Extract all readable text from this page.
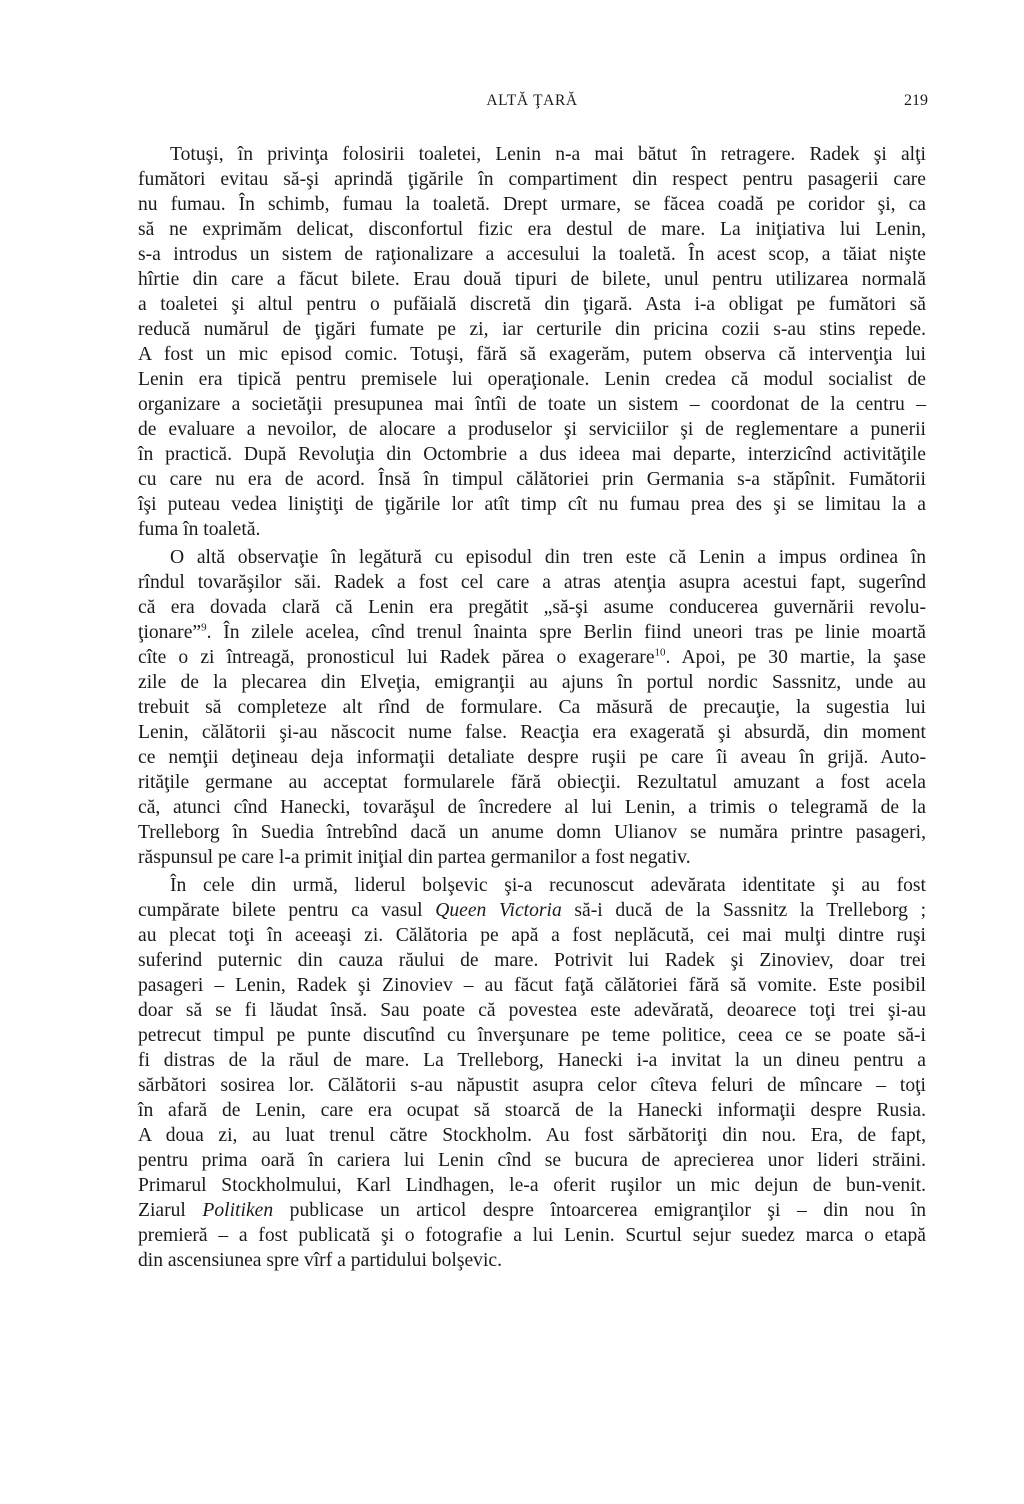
ALTĂ ŢARĂ	219
Totuşi, în privinţa folosirii toaletei, Lenin n-a mai bătut în retragere. Radek şi alţi
fumători evitau să-şi aprindă ţigările în compartiment din respect pentru pasagerii care
nu fumau. În schimb, fumau la toaletă. Drept urmare, se făcea coadă pe coridor şi, ca
să ne exprimăm delicat, disconfortul fizic era destul de mare. La iniţiativa lui Lenin,
s-a introdus un sistem de raţionalizare a accesului la toaletă. În acest scop, a tăiat nişte
hîrtie din care a făcut bilete. Erau două tipuri de bilete, unul pentru utilizarea normală
a toaletei şi altul pentru o pufăială discretă din ţigară. Asta i-a obligat pe fumători să
reducă numărul de ţigări fumate pe zi, iar certurile din pricina cozii s-au stins repede.
A fost un mic episod comic. Totuşi, fără să exagerăm, putem observa că intervenţia lui
Lenin era tipică pentru premisele lui operaţionale. Lenin credea că modul socialist de
organizare a societăţii presupunea mai întîi de toate un sistem – coordonat de la centru –
de evaluare a nevoilor, de alocare a produselor şi serviciilor şi de reglementare a punerii
în practică. După Revoluţia din Octombrie a dus ideea mai departe, interzicînd activităţile
cu care nu era de acord. Însă în timpul călătoriei prin Germania s-a stăpînit. Fumătorii
îşi puteau vedea liniştiţi de ţigările lor atît timp cît nu fumau prea des şi se limitau la a
fuma în toaletă.
O altă observaţie în legătură cu episodul din tren este că Lenin a impus ordinea în
rîndul tovarăşilor săi. Radek a fost cel care a atras atenţia asupra acestui fapt, sugerînd
că era dovada clară că Lenin era pregătit „să-şi asume conducerea guvernării revolu-
ţionare”$^9$. În zilele acelea, cînd trenul înainta spre Berlin fiind uneori tras pe linie moartă
cîte o zi întreagă, pronosticul lui Radek părea o exagerare$^{10}$. Apoi, pe 30 martie, la şase
zile de la plecarea din Elveţia, emigranţii au ajuns în portul nordic Sassnitz, unde au
trebuit să completeze alt rînd de formulare. Ca măsură de precauţie, la sugestia lui
Lenin, călătorii şi-au născocit nume false. Reacţia era exagerată şi absurdă, din moment
ce nemţii deţineau deja informaţii detaliate despre ruşii pe care îi aveau în grijă. Auto-
rităţile germane au acceptat formularele fără obiecţii. Rezultatul amuzant a fost acela
că, atunci cînd Hanecki, tovarăşul de încredere al lui Lenin, a trimis o telegramă de la
Trelleborg în Suedia întrebînd dacă un anume domn Ulianov se număra printre pasageri,
răspunsul pe care l-a primit iniţial din partea germanilor a fost negativ.
În cele din urmă, liderul bolşevic şi-a recunoscut adevărata identitate şi au fost
cumpărate bilete pentru ca vasul Queen Victoria să-i ducă de la Sassnitz la Trelleborg ;
au plecat toţi în aceeaşi zi. Călătoria pe apă a fost neplăcută, cei mai mulţi dintre ruşi
suferind puternic din cauza răului de mare. Potrivit lui Radek şi Zinoviev, doar trei
pasageri – Lenin, Radek şi Zinoviev – au făcut faţă călătoriei fără să vomite. Este posibil
doar să se fi lăudat însă. Sau poate că povestea este adevărată, deoarece toţi trei şi-au
petrecut timpul pe punte discutînd cu înverşunare pe teme politice, ceea ce se poate să-i
fi distras de la răul de mare. La Trelleborg, Hanecki i-a invitat la un dineu pentru a
sărbători sosirea lor. Călătorii s-au năpustit asupra celor cîteva feluri de mîncare – toţi
în afară de Lenin, care era ocupat să stoarcă de la Hanecki informaţii despre Rusia.
A doua zi, au luat trenul către Stockholm. Au fost sărbătoriţi din nou. Era, de fapt,
pentru prima oară în cariera lui Lenin cînd se bucura de aprecierea unor lideri străini.
Primarul Stockholmului, Karl Lindhagen, le-a oferit ruşilor un mic dejun de bun-venit.
Ziarul Politiken publicase un articol despre întoarcerea emigranţilor şi – din nou în
premieră – a fost publicată şi o fotografie a lui Lenin. Scurtul sejur suedez marca o etapă
din ascensiunea spre vîrf a partidului bolşevic.
